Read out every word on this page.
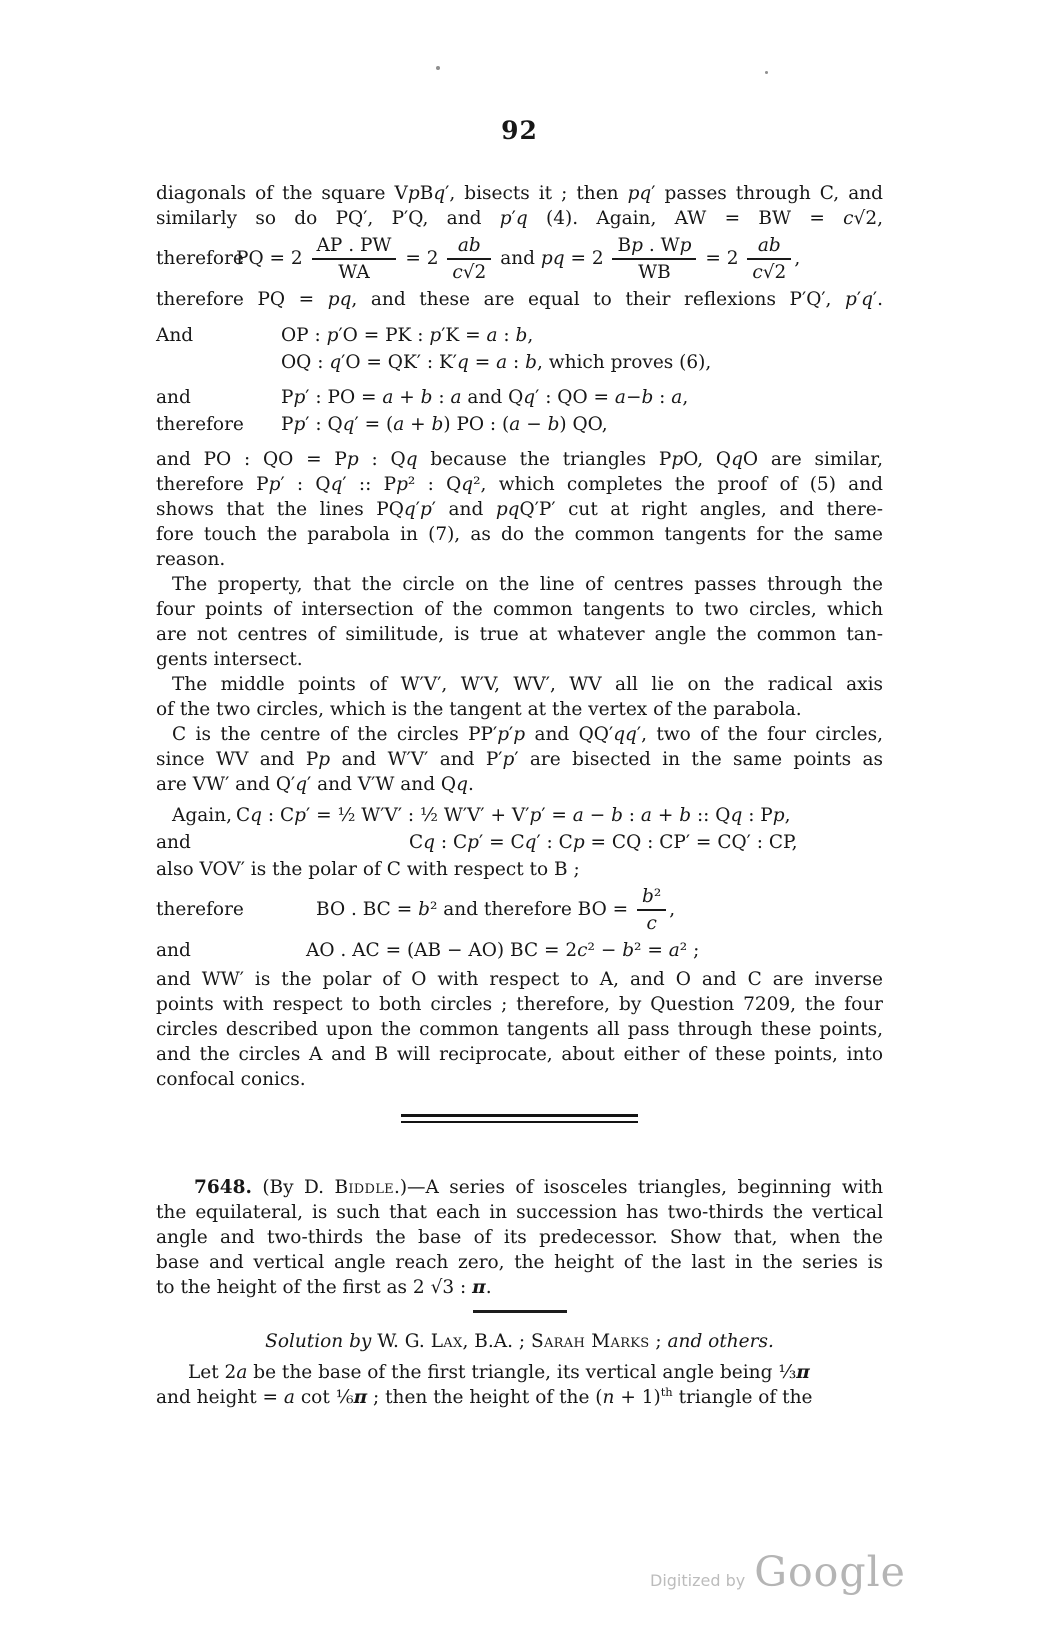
92
diagonals of the square VpBq′, bisects it ; then pq′ passes through C, and
similarly so do PQ′, P′Q, and p′q (4). Again, AW = BW = c√2,
therefore
PQ = $2 \frac{AP . PW}{WA} = 2 \frac{ab}{c√2}$ and pq = $2 \frac{Bp . Wp}{WB} = 2 \frac{ab}{c√2}$ ,
therefore PQ = pq, and these are equal to their reflexions P′Q′, p′q′.
And	OP : p′O = PK : p′K = a : b,
OQ : q′O = QK′ : K′q = a : b, which proves (6),
and	Pp′ : PO = a + b : a and Qq′ : QO = a−b : a,
therefore Pp′ : Qq′ = (a + b) PO : (a − b) QO,
and PO : QO = Pp : Qq because the triangles PpO, QqO are similar,
therefore Pp′ : Qq′ :: Pp² : Qq², which completes the proof of (5) and
shows that the lines PQq′p′ and pqQ′P′ cut at right angles, and there-
fore touch the parabola in (7), as do the common tangents for the same
reason.
The property, that the circle on the line of centres passes through the
four points of intersection of the common tangents to two circles, which
are not centres of similitude, is true at whatever angle the common tan-
gents intersect.
The middle points of W′V′, W′V, WV′, WV all lie on the radical axis
of the two circles, which is the tangent at the vertex of the parabola.
C is the centre of the circles PP′p′p and QQ′qq′, two of the four circles,
since WV and Pp and W′V′ and P′p′ are bisected in the same points as
are VW′ and Q′q′ and V′W and Qq.
Again, Cq : Cp′ = ½ W′V′ : ½ W′V′ + V′p′ = a − b : a + b :: Qq : Pp,
and	Cq : Cp′ = Cq′ : Cp = CQ : CP′ = CQ′ : CP,
also VOV′ is the polar of C with respect to B ;
therefore	BO . BC = b² and therefore BO = $\frac{\text{b²}}{c}$ ,
and	AO . AC = (AB − AO) BC = 2c² − b² = a² ;
and WW′ is the polar of O with respect to A, and O and C are inverse
points with respect to both circles ; therefore, by Question 7209, the four
circles described upon the common tangents all pass through these points,
and the circles A and B will reciprocate, about either of these points, into
confocal conics.
7648. (By D. Biddle.)—A series of isosceles triangles, beginning with
the equilateral, is such that each in succession has two-thirds the vertical
angle and two-thirds the base of its predecessor. Show that, when the
base and vertical angle reach zero, the height of the last in the series is
to the height of the first as 2 √3 : π.
Solution by W. G. Lax, B.A. ; Sarah Marks ; and others.
Let 2a be the base of the first triangle, its vertical angle being ⅓π
and height = a cot ⅙π ; then the height of the $(n + 1)^{th}$ triangle of the
Digitized by Google
